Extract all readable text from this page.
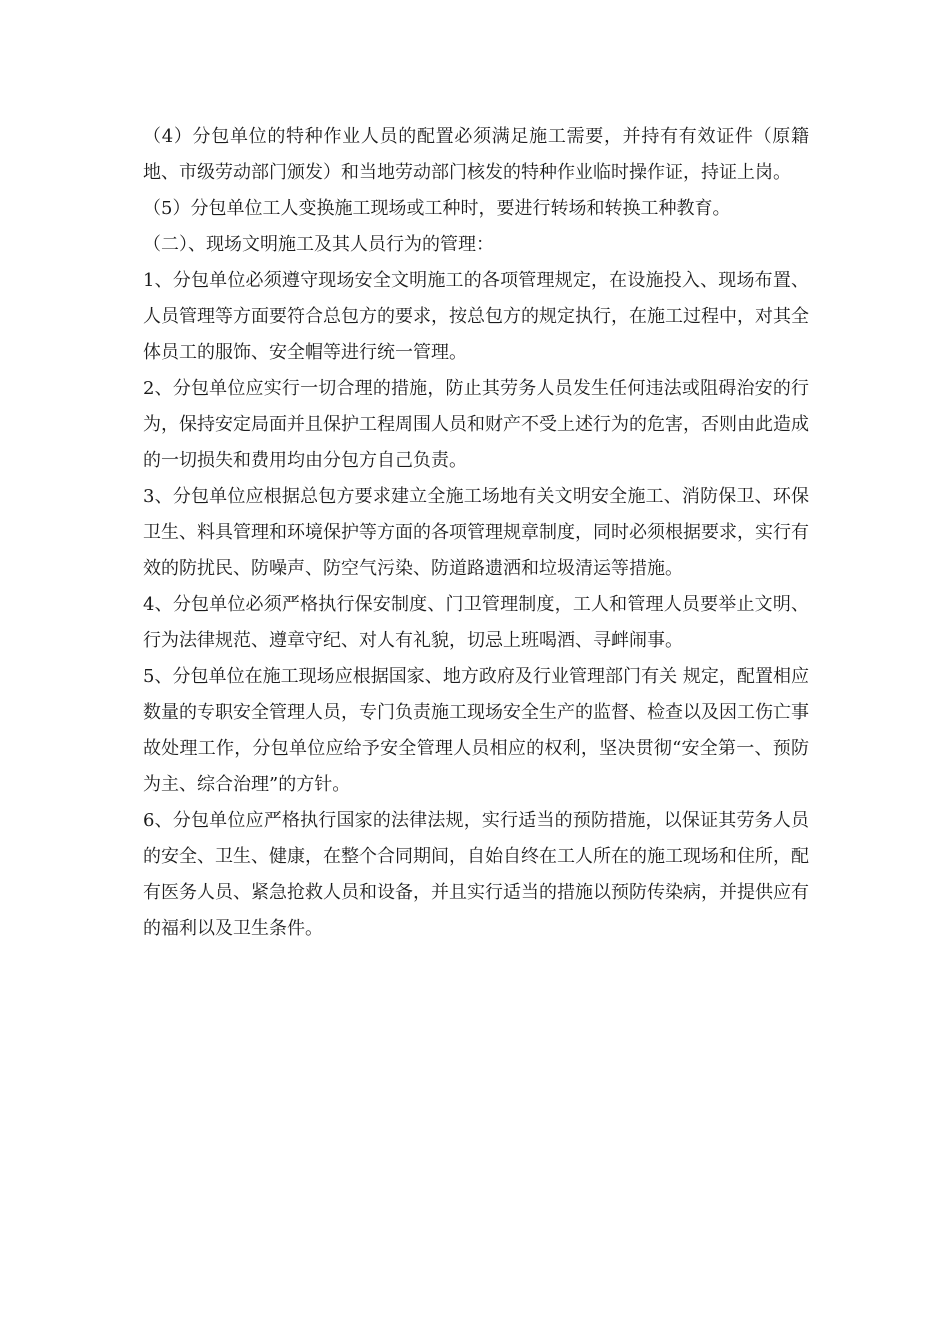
（4）分包单位的特种作业人员的配置必须满足施工需要，并持有有效证件（原籍地、市级劳动部门颁发）和当地劳动部门核发的特种作业临时操作证，持证上岗。

（5）分包单位工人变换施工现场或工种时，要进行转场和转换工种教育。

（二）、现场文明施工及其人员行为的管理：

1、分包单位必须遵守现场安全文明施工的各项管理规定，在设施投入、现场布置、人员管理等方面要符合总包方的要求，按总包方的规定执行，在施工过程中，对其全体员工的服饰、安全帽等进行统一管理。

2、分包单位应实行一切合理的措施，防止其劳务人员发生任何违法或阻碍治安的行为，保持安定局面并且保护工程周围人员和财产不受上述行为的危害，否则由此造成的一切损失和费用均由分包方自己负责。

3、分包单位应根据总包方要求建立全施工场地有关文明安全施工、消防保卫、环保卫生、料具管理和环境保护等方面的各项管理规章制度，同时必须根据要求，实行有效的防扰民、防噪声、防空气污染、防道路遗洒和垃圾清运等措施。

4、分包单位必须严格执行保安制度、门卫管理制度，工人和管理人员要举止文明、行为法律规范、遵章守纪、对人有礼貌，切忌上班喝酒、寻衅闹事。

5、分包单位在施工现场应根据国家、地方政府及行业管理部门有关 规定，配置相应数量的专职安全管理人员，专门负责施工现场安全生产的监督、检查以及因工伤亡事故处理工作，分包单位应给予安全管理人员相应的权利，坚决贯彻“安全第一、预防为主、综合治理”的方针。

6、分包单位应严格执行国家的法律法规，实行适当的预防措施，以保证其劳务人员的安全、卫生、健康，在整个合同期间，自始自终在工人所在的施工现场和住所，配有医务人员、紧急抢救人员和设备，并且实行适当的措施以预防传染病，并提供应有的福利以及卫生条件。
